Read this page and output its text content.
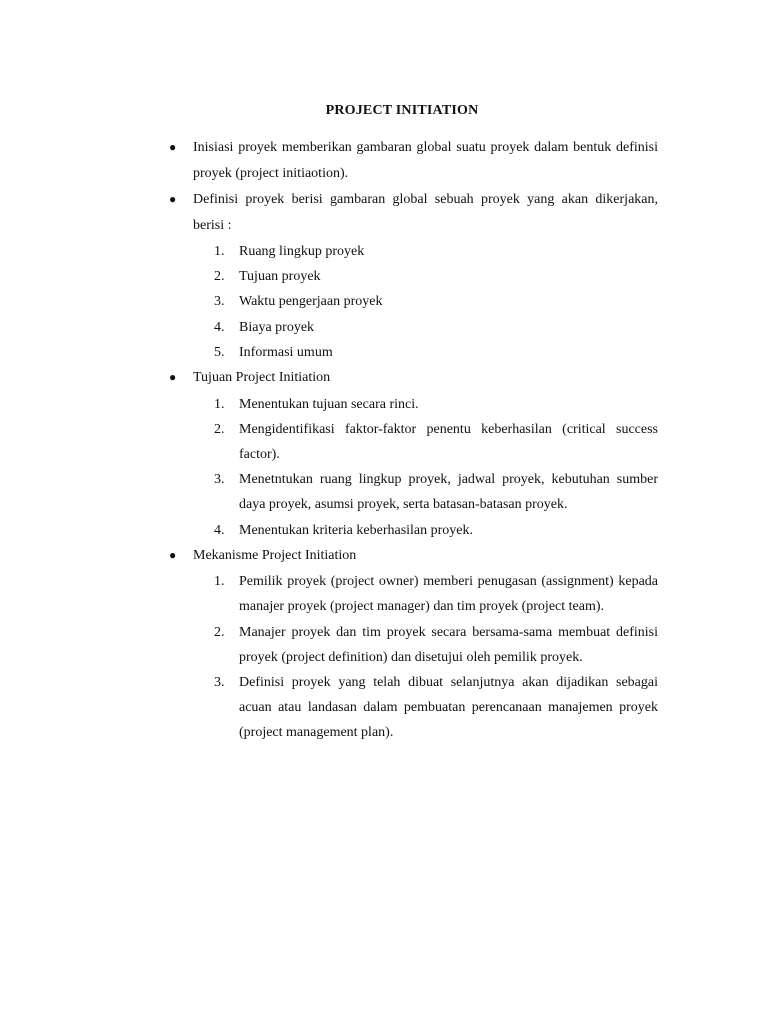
PROJECT INITIATION
● Inisiasi proyek memberikan gambaran global suatu proyek dalam bentuk definisi proyek (project initiaotion).
● Definisi proyek berisi gambaran global sebuah proyek yang akan dikerjakan, berisi :
1. Ruang lingkup proyek
2. Tujuan proyek
3. Waktu pengerjaan proyek
4. Biaya proyek
5. Informasi umum
● Tujuan Project Initiation
1. Menentukan tujuan secara rinci.
2. Mengidentifikasi faktor-faktor penentu keberhasilan (critical success factor).
3. Menetntukan ruang lingkup proyek, jadwal proyek, kebutuhan sumber daya proyek, asumsi proyek, serta batasan-batasan proyek.
4. Menentukan kriteria keberhasilan proyek.
● Mekanisme Project Initiation
1. Pemilik proyek (project owner) memberi penugasan (assignment) kepada manajer proyek (project manager) dan tim proyek (project team).
2. Manajer proyek dan tim proyek secara bersama-sama membuat definisi proyek (project definition) dan disetujui oleh pemilik proyek.
3. Definisi proyek yang telah dibuat selanjutnya akan dijadikan sebagai acuan atau landasan dalam pembuatan perencanaan manajemen proyek (project management plan).
